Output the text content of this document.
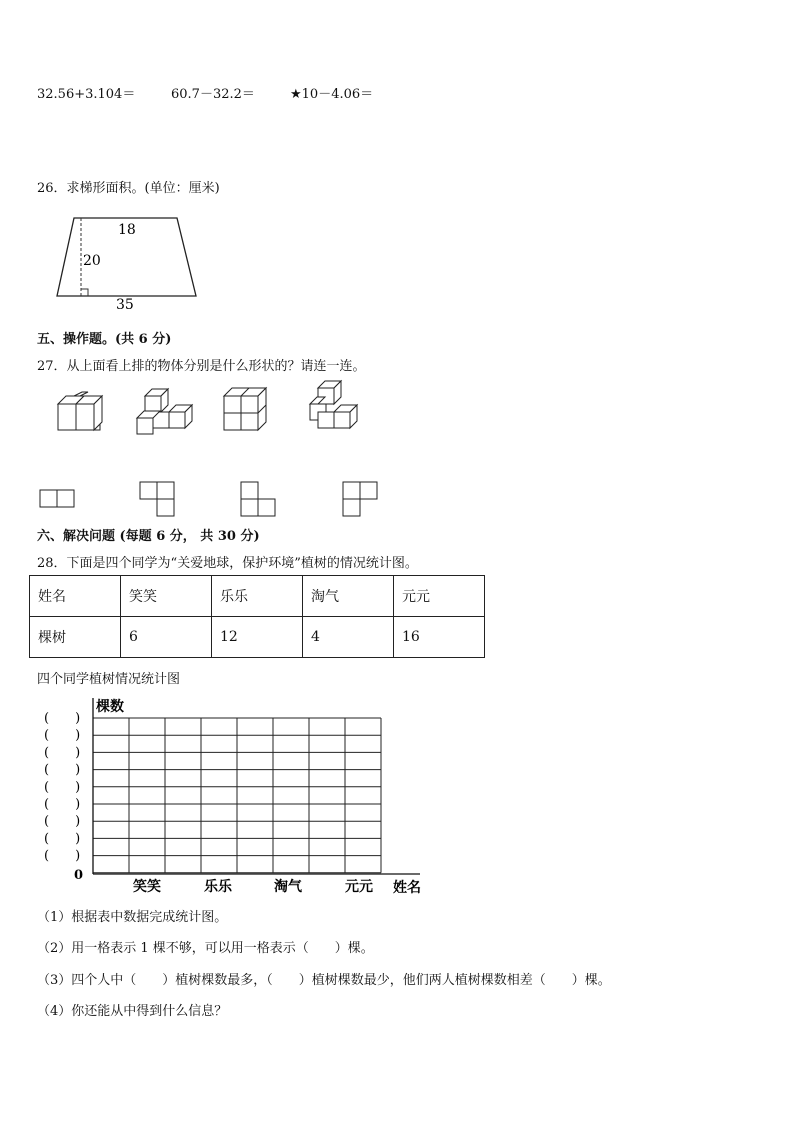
32.56+3.104＝	60.7－32.2＝	★10－4.06＝
26．求梯形面积。(单位：厘米)
18
20
35
五、操作题。(共 6 分)
27．从上面看上排的物体分别是什么形状的？请连一连。
六、解决问题 (每题 6 分， 共 30 分)
28．下面是四个同学为“关爱地球，保护环境”植树的情况统计图。
姓名	笑笑	乐乐	淘气	元元
棵树	6	12	4	16
四个同学植树情况统计图
棵数
姓名
0
(　　)
(　　)
(　　)
(　　)
(　　)
(　　)
(　　)
(　　)
(　　)
笑笑	乐乐	淘气	元元
（1）根据表中数据完成统计图。
（2）用一格表示 1 棵不够，可以用一格表示（　　）棵。
（3）四个人中（　　）植树棵数最多，（　　）植树棵数最少，他们两人植树棵数相差（　　）棵。
（4）你还能从中得到什么信息？
